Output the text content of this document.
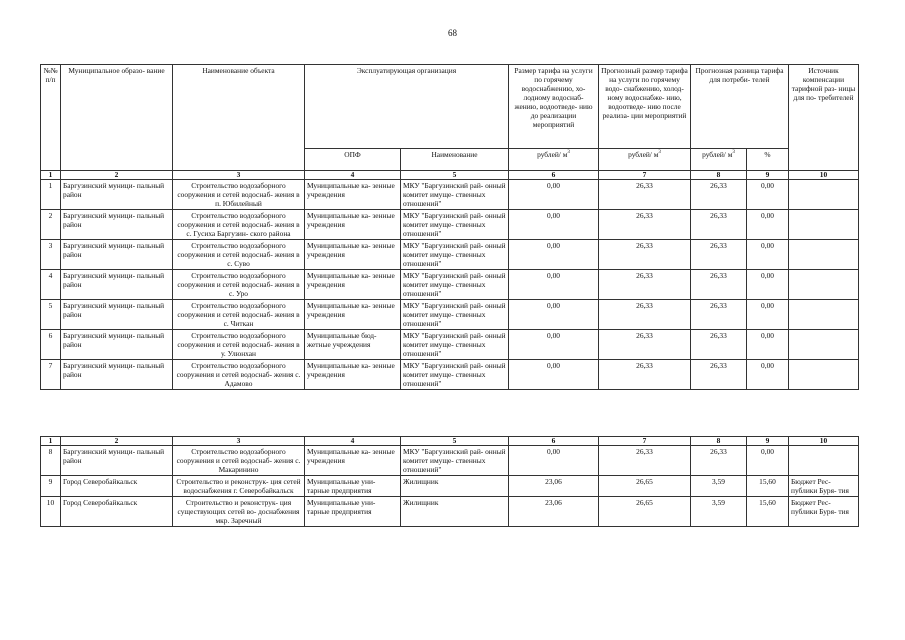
68
№№ п/п	Муниципальное образо- вание	Наименование объекта	Эксплуатирующая организация		Размер тарифа на услуги по горячему водоснабжению, хо- лодному водоснаб- жению, водоотведе- нию до реализации мероприятий	Прогнозный размер тарифа на услуги по горячему водо- снабжению, холод- ному водоснабже- нию, водоотведе- нию после реализа- ции мероприятий	Прогнозная разница тарифа для потреби- телей		Источник компенсации тарифной раз- ницы для по- требителей
			ОПФ	Наименование	рублей/ $м^3$	рублей/ $м^3$	рублей/ $м^3$	%	
1	2	3	4	5	6	7	8	9	10
1	Баргузинский муници- пальный район	Строительство водозаборного сооружения и сетей водоснаб- жения в п. Юбилейный	Муниципальные ка- зенные учреждения	МКУ "Баргузинский рай- онный комитет имуще- ственных отношений"	0,00	26,33	26,33	0,00	
2	Баргузинский муници- пальный район	Строительство водозаборного сооружения и сетей водоснаб- жения в с. Гусиха Баргузин- ского района	Муниципальные ка- зенные учреждения	МКУ "Баргузинский рай- онный комитет имуще- ственных отношений"	0,00	26,33	26,33	0,00	
3	Баргузинский муници- пальный район	Строительство водозаборного сооружения и сетей водоснаб- жения в с. Суво	Муниципальные ка- зенные учреждения	МКУ "Баргузинский рай- онный комитет имуще- ственных отношений"	0,00	26,33	26,33	0,00	
4	Баргузинский муници- пальный район	Строительство водозаборного сооружения и сетей водоснаб- жения в с. Уро	Муниципальные ка- зенные учреждения	МКУ "Баргузинский рай- онный комитет имуще- ственных отношений"	0,00	26,33	26,33	0,00	
5	Баргузинский муници- пальный район	Строительство водозаборного сооружения и сетей водоснаб- жения в с. Читкан	Муниципальные ка- зенные учреждения	МКУ "Баргузинский рай- онный комитет имуще- ственных отношений"	0,00	26,33	26,33	0,00	
6	Баргузинский муници- пальный район	Строительство водозаборного сооружения и сетей водоснаб- жения в у. Улюнхан	Муниципальные бюд- жетные учреждения	МКУ "Баргузинский рай- онный комитет имуще- ственных отношений"	0,00	26,33	26,33	0,00	
7	Баргузинский муници- пальный район	Строительство водозаборного сооружения и сетей водоснаб- жения с. Адамово	Муниципальные ка- зенные учреждения	МКУ "Баргузинский рай- онный комитет имуще- ственных отношений"	0,00	26,33	26,33	0,00	

1	2	3	4	5	6	7	8	9	10
8	Баргузинский муници- пальный район	Строительство водозаборного сооружения и сетей водоснаб- жения с. Макаринино	Муниципальные ка- зенные учреждения	МКУ "Баргузинский рай- онный комитет имуще- ственных отношений"	0,00	26,33	26,33	0,00	
9	Город Северобайкальск	Строительство и реконструк- ция сетей водоснабжения г. Северобайкальск	Муниципальные уни- тарные предприятия	Жилищник	23,06	26,65	3,59	15,60	Бюджет Рес- публики Буря- тия
10	Город Северобайкальск	Строительство и реконструк- ция существующих сетей во- доснабжения мкр. Заречный	Муниципальные уни- тарные предприятия	Жилищник	23,06	26,65	3,59	15,60	Бюджет Рес- публики Буря- тия
